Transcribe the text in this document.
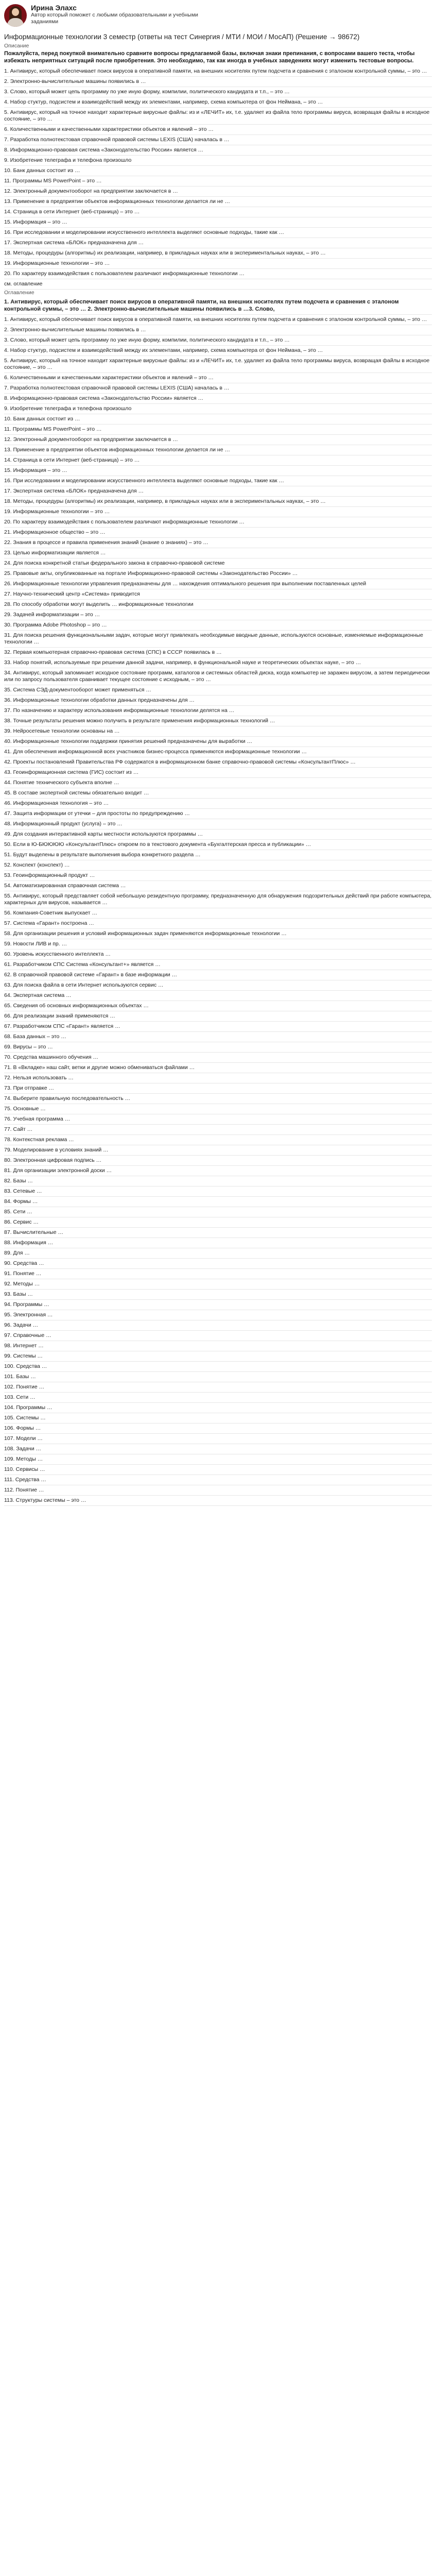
Ирина Элахс
Автор который поможет с любыми образовательными и учебными заданиями
Информационные технологии 3 семестр (ответы на тест Синергия / МТИ / МОИ / МосАП) (Решение → 98672)
Описание
Пожалуйста, перед покупкой внимательно сравните вопросы предлагаемой базы, включая знаки препинания, с вопросами вашего теста, чтобы избежать неприятных ситуаций после приобретения. Это необходимо, так как иногда в учебных заведениях могут изменить тестовые вопросы.
1. Антивирус, который обеспечивает поиск вирусов в оперативной памяти, на внешних носителях путем подсчета и сравнения с эталоном контрольной суммы, – это …
2. Электронно-вычислительные машины появились в …
3. Слово, который может цепь программу по уже иную форму, компилии, политического кандидата и т.п., – это …
4. Набор стуктур, подсистем и взаимодействий между их элементами, например, схема компьютера от фон Неймана, – это …
5. Антивирус, который на точное находит характерные вирусные файлы: из и «ЛЕЧИТ» их, т.е. удаляет из файла тело программы вируса, возвращая файлы в исходное состояние, – это …
6. Количественными и качественными характеристики объектов и явлений – это …
7. Разработка полнотекстовая справочной правовой системы LEXIS (США) началась в …
8. Информационно-правовая система «Законодательство России» является …
9. Изобретение телеграфа и телефона произошло
10. Банк данных состоит из …
11. Программы MS PowerPoint – это …
12. Электронный документооборот на предприятии заключается в …
13. Применение в предприятии объектов информационных технологии делается ли не …
14. Страница в сети Интернет (веб-страница) – это …
15. Информация – это …
16. При исследовании и моделировании искусственного интеллекта выделяют основные подходы, такие как …
17. Экспертная система «БЛОК» предназначена для …
18. Методы, процедуры (алгоритмы) их реализации, например, в прикладных науках или в экспериментальных науках, – это …
19. Информационные технологии – это …
20. По характеру взаимодействия с пользователем различают информационные технологии …
см. оглавление
Оглавление
1. Антивирус, который обеспечивает поиск вирусов в оперативной памяти, на внешних носителях путем подсчета и сравнения с эталоном контрольной суммы, – это … 2. Электронно-вычислительные машины появились в …3. Слово,
1. Антивирус, который обеспечивает поиск вирусов в оперативной памяти, на внешних носителях путем подсчета и сравнения с эталоном контрольной суммы, – это …
2. Электронно-вычислительные машины появились в …
3. Слово, который может цепь программу по уже иную форму, компилии, политического кандидата и т.п., – это …
4. Набор стуктур, подсистем и взаимодействий между их элементами, например, схема компьютера от фон Неймана, – это …
5. Антивирус, который на точное находит характерные вирусные файлы: из и «ЛЕЧИТ» их, т.е. удаляет из файла тело программы вируса, возвращая файлы в исходное состояние, – это …
6. Количественными и качественными характеристики объектов и явлений – это …
7. Разработка полнотекстовая справочной правовой системы LEXIS (США) началась в …
8. Информационно-правовая система «Законодательство России» является …
9. Изобретение телеграфа и телефона произошло
10. Банк данных состоит из …
11. Программы MS PowerPoint – это …
12. Электронный документооборот на предприятии заключается в …
13. Применение в предприятии объектов информационных технологии делается ли не …
14. Страница в сети Интернет (веб-страница) – это …
15. Информация – это …
16. При исследовании и моделировании искусственного интеллекта выделяют основные подходы, такие как …
17. Экспертная система «БЛОК» предназначена для …
18. Методы, процедуры (алгоритмы) их реализации, например, в прикладных науках или в экспериментальных науках, – это …
19. Информационные технологии – это …
20. По характеру взаимодействия с пользователем различают информационные технологии …
21. Информационное общество – это …
22. Знания в процессе и правила применения знаний (знание о знаниях) – это …
23. Целью информатизации является …
24. Для поиска конкретной статьи федерального закона в справочно-правовой системе
25. Правовые акты, опубликованные на портале Информационно-правовой системы «Законодательство России» …
26. Информационные технологии управления предназначены для … нахождения оптимального решения при выполнении поставленных целей
27. Научно-технический центр «Система» приводится
28. По способу обработки могут выделить … информационные технологии
29. Задачей информатизации – это …
30. Программа Adobe Photoshop – это …
31. Для поиска решения функциональными задач, которые могут привлекать необходимые вводные данные, используются основные, изменяемые информационные технологии …
32. Первая компьютерная справочно-правовая система (СПС) в СССР появилась в …
33. Набор понятий, используемые при решении данной задачи, например, в функциональной науке и теоретических объектах науке, – это …
34. Антивирус, который запоминает исходное состояние программ, каталогов и системных областей диска, когда компьютер не заражен вирусом, а затем периодически или по запросу пользователя сравнивает текущее состояние с исходным, – это …
35. Система СЭД-документооборот может применяться …
36. Информационные технологии обработки данных предназначены для …
37. По назначению и характеру использования информационные технологии делятся на …
38. Точные результаты решения можно получить в результате применения информационных технологий …
39. Нейросетевые технологии основаны на …
40. Информационные технологии поддержки принятия решений предназначены для выработки …
41. Для обеспечения информационной всех участников бизнес-процесса применяются информационные технологии …
42. Проекты постановлений Правительства РФ содержатся в информационном банке справочно-правовой системы «КонсультантПлюс» …
43. Геоинформационная система (ГИС) состоит из …
44. Понятие технического субъекта вполне …
45. В составе экспертной системы обязательно входит …
46. Информационная технология – это …
47. Защита информации от утечки – для простоты по предупреждению …
48. Информационный продукт (услуга) – это …
49. Для создания интерактивной карты местности используются программы …
50. Если в Ю-БЮЮЮЮ «КонсультантПлюс» откроем по в текстового документа «Бухгалтерская пресса и публикации» …
51. Будут выделены в результате выполнения выбора конкретного раздела …
52. Конспект (конспект) …
53. Геоинформационный продукт …
54. Автоматизированная справочная система …
55. Антивирус, который представляет собой небольшую резидентную программу, предназначенную для обнаружения подозрительных действий при работе компьютера, характерных для вирусов, называется …
56. Компания-Советник выпускает …
57. Система «Гарант» построена …
58. Для организации решения и условий информационных задач применяются информационные технологии …
59. Новости ЛИВ и пр. …
60. Уровень искусственного интеллекта …
61. Разработчиком СПС Система «Консультант+» является …
62. В справочной правовой системе «Гарант» в базе информации …
63. Для поиска файла в сети Интернет используются сервис …
64. Экспертная система …
65. Сведения об основных информационных объектах …
66. Для реализации знаний применяются …
67. Разработчиком СПС «Гарант» является …
68. База данных – это …
69. Вирусы – это …
70. Средства машинного обучения …
71. В «Вкладке» наш сайт, ветки и другие можно обмениваться файлами …
72. Нельзя использовать …
73. При отправке …
74. Выберите правильную последовательность …
75. Основные …
76. Учебная программа …
77. Сайт …
78. Контекстная реклама …
79. Моделирование в условиях знаний …
80. Электронная цифровая подпись …
81. Для организации электронной доски …
82. Базы …
83. Сетевые …
84. Формы …
85. Сети …
86. Сервис …
87. Вычислительные …
88. Информация …
89. Для …
90. Средства …
91. Понятие …
92. Методы …
93. Базы …
94. Программы …
95. Электронная …
96. Задачи …
97. Справочные …
98. Интернет …
99. Системы …
100. Средства …
101. Базы …
102. Понятие …
103. Сети …
104. Программы …
105. Системы …
106. Формы …
107. Модели …
108. Задачи …
109. Методы …
110. Сервисы …
111. Средства …
112. Понятие …
113. Структуры системы – это …
